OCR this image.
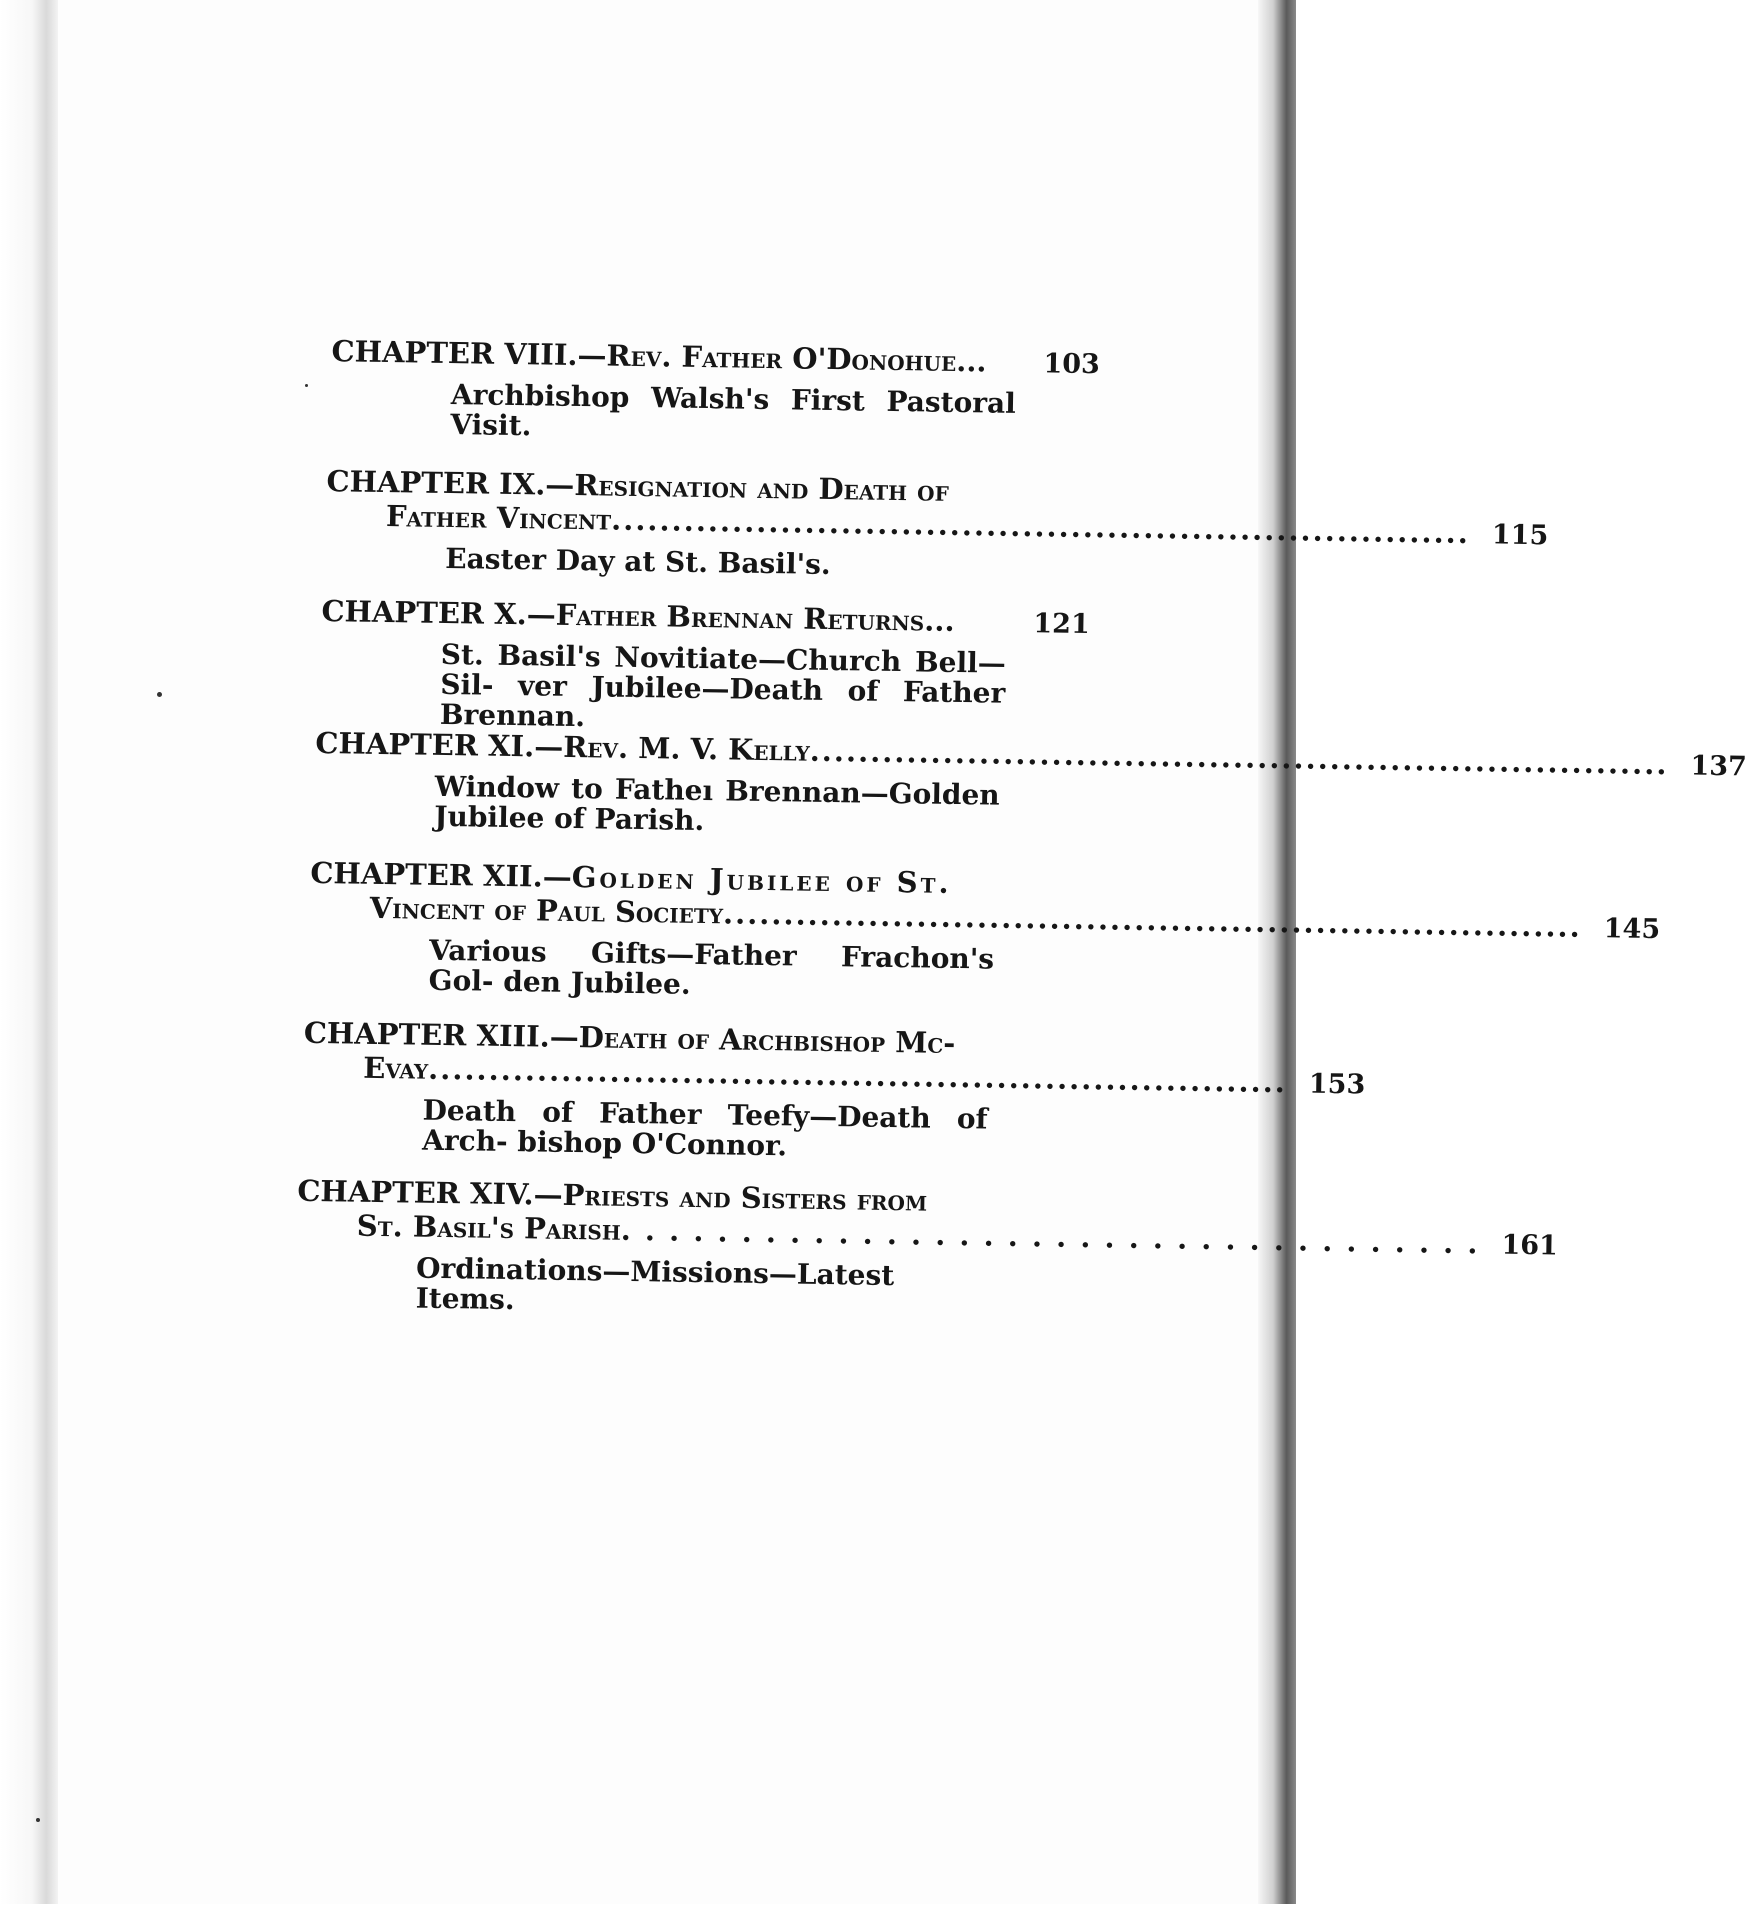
CHAPTER VIII.— Rev. Father O'Donohue... 103
Archbishop Walsh's First Pastoral Visit.
CHAPTER IX.— Resignation and Death of
Father Vincent ....................................................................... 115
Easter Day at St. Basil's.
CHAPTER X.— Father Brennan Returns...	121
St. Basil's Novitiate—Church Bell—Sil- ver Jubilee—Death of Father Brennan.
CHAPTER XI.— Rev. M. V. Kelly ....................................................................... 137
Window to Fatheı Brennan—Golden Jubilee of Parish.
CHAPTER XII.— Golden Jubilee of St.
Vincent of Paul Society ....................................................................... 145
Various Gifts—Father Frachon's Gol- den Jubilee.
CHAPTER XIII.— Death of Archbishop Mc-
Evay ....................................................................... 153
Death of Father Teefy—Death of Arch- bishop O'Connor.
CHAPTER XIV.— Priests and Sisters from
St. Basil's Parish . . . . . . . . . . . . . . . . . . . . . . . . . . . . . . . . . . . . 161
Ordinations—Missions—Latest Items.
